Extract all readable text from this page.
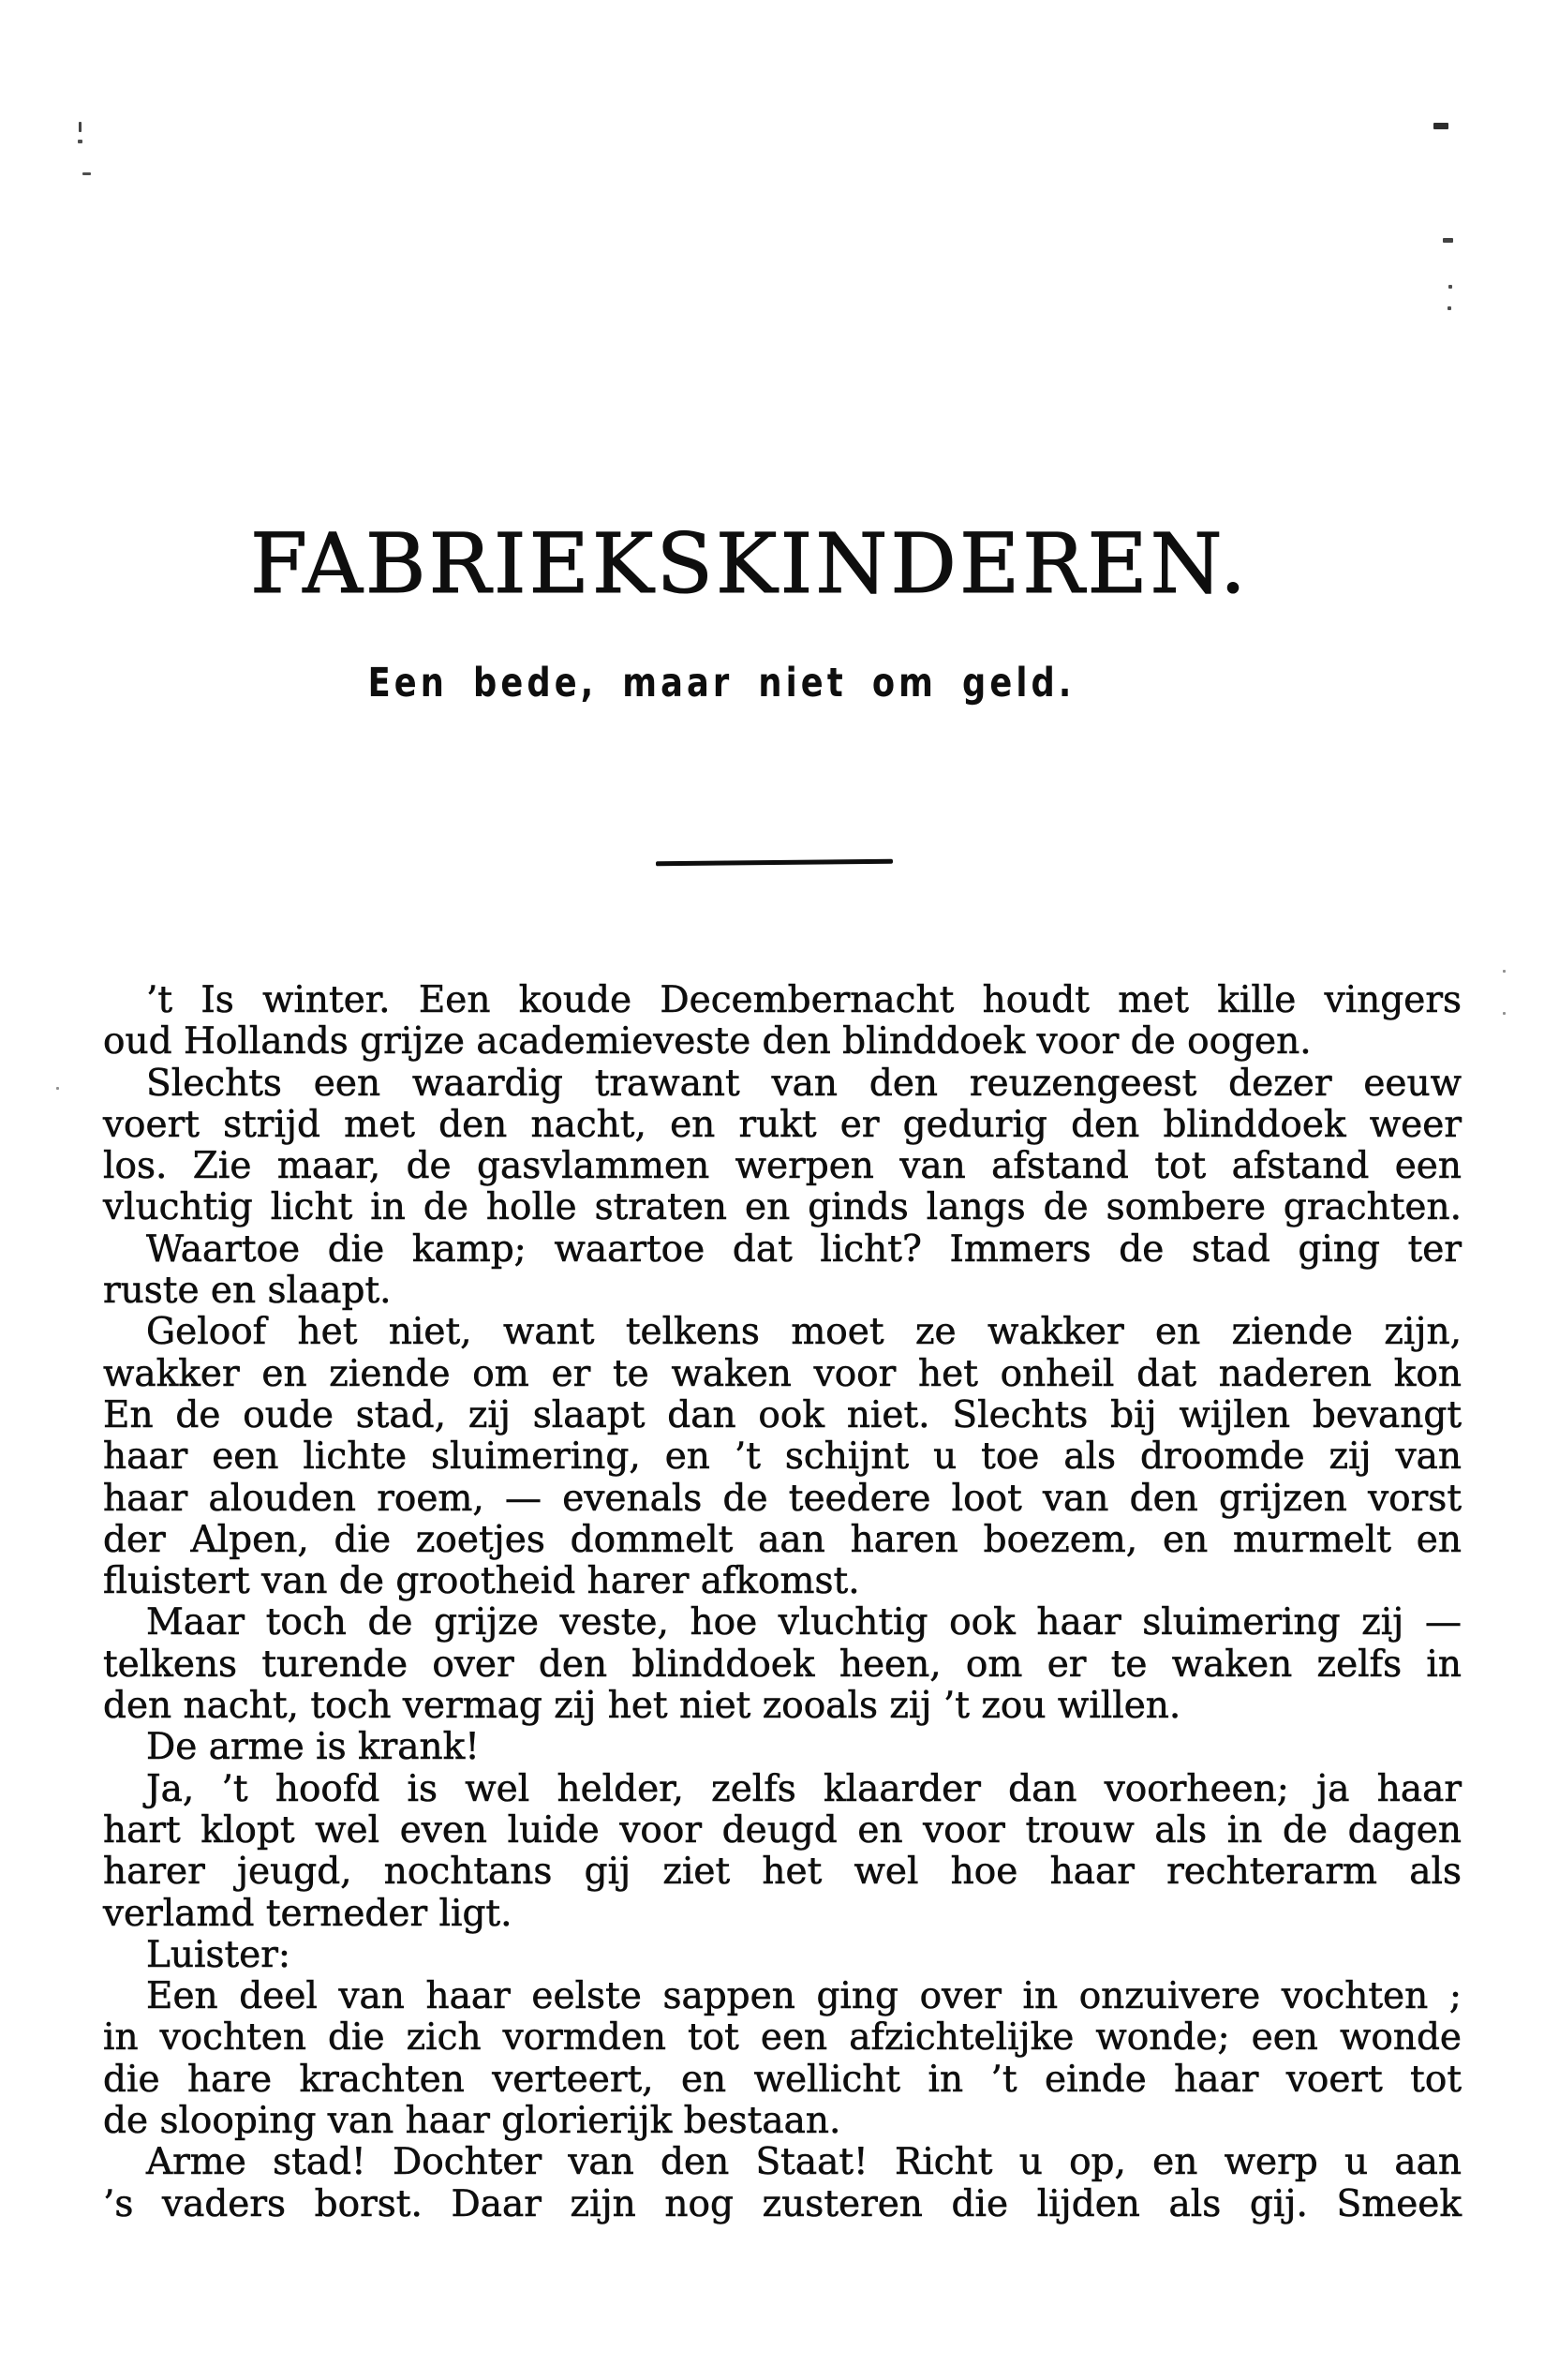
FABRIEKSKINDEREN.
Een bede, maar niet om geld.
’t Is winter. Een koude Decembernacht houdt met kille vingers
oud Hollands grijze academieveste den blinddoek voor de oogen.
Slechts een waardig trawant van den reuzengeest dezer eeuw
voert strijd met den nacht, en rukt er gedurig den blinddoek weer
los. Zie maar, de gasvlammen werpen van afstand tot afstand een
vluchtig licht in de holle straten en ginds langs de sombere grachten.
Waartoe die kamp; waartoe dat licht? Immers de stad ging ter
ruste en slaapt.
Geloof het niet, want telkens moet ze wakker en ziende zijn,
wakker en ziende om er te waken voor het onheil dat naderen kon
En de oude stad, zij slaapt dan ook niet. Slechts bij wijlen bevangt
haar een lichte sluimering, en ’t schijnt u toe als droomde zij van
haar alouden roem, — evenals de teedere loot van den grijzen vorst
der Alpen, die zoetjes dommelt aan haren boezem, en murmelt en
fluistert van de grootheid harer afkomst.
Maar toch de grijze veste, hoe vluchtig ook haar sluimering zij —
telkens turende over den blinddoek heen, om er te waken zelfs in
den nacht, toch vermag zij het niet zooals zij ’t zou willen.
De arme is krank!
Ja, ’t hoofd is wel helder, zelfs klaarder dan voorheen; ja haar
hart klopt wel even luide voor deugd en voor trouw als in de dagen
harer jeugd, nochtans gij ziet het wel hoe haar rechterarm als
verlamd terneder ligt.
Luister:
Een deel van haar eelste sappen ging over in onzuivere vochten ;
in vochten die zich vormden tot een afzichtelijke wonde; een wonde
die hare krachten verteert, en wellicht in ’t einde haar voert tot
de slooping van haar glorierijk bestaan.
Arme stad! Dochter van den Staat! Richt u op, en werp u aan
’s vaders borst. Daar zijn nog zusteren die lijden als gij. Smeek
